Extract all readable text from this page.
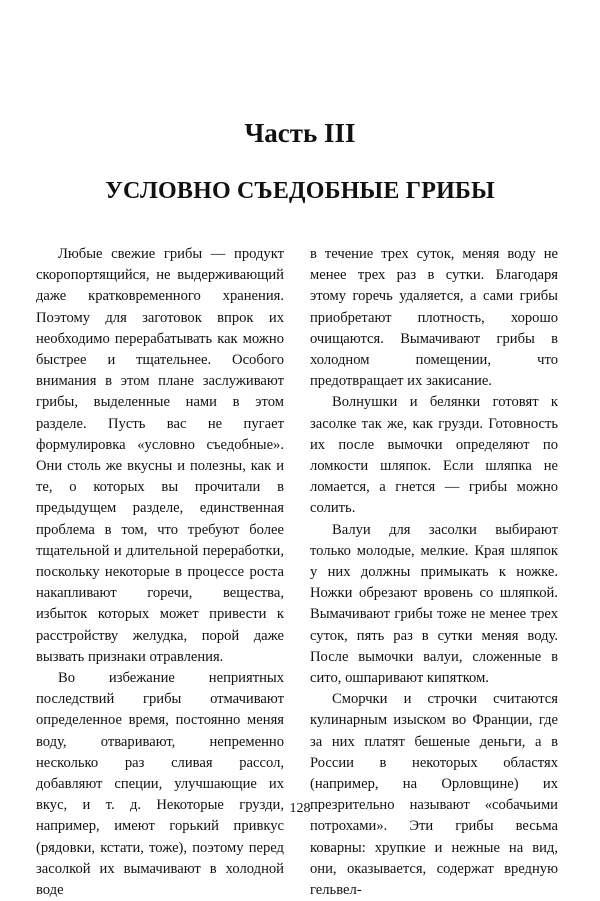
Часть III
УСЛОВНО СЪЕДОБНЫЕ ГРИБЫ

Любые свежие грибы — продукт скоропортящийся, не выдерживающий даже кратковременного хранения. Поэтому для заготовок впрок их необходимо перерабатывать как можно быстрее и тщательнее. Особого внимания в этом плане заслуживают грибы, выделенные нами в этом разделе. Пусть вас не пугает формулировка «условно съедобные». Они столь же вкусны и полезны, как и те, о которых вы прочитали в предыдущем разделе, единственная проблема в том, что требуют более тщательной и длительной переработки, поскольку некоторые в процессе роста накапливают горечи, вещества, избыток которых может привести к расстройству желудка, порой даже вызвать признаки отравления.

Во избежание неприятных последствий грибы отмачивают определенное время, постоянно меняя воду, отваривают, непременно несколько раз сливая рассол, добавляют специи, улучшающие их вкус, и т. д. Некоторые грузди, например, имеют горький привкус (рядовки, кстати, тоже), поэтому перед засолкой их вымачивают в холодной воде

в течение трех суток, меняя воду не менее трех раз в сутки. Благодаря этому горечь удаляется, а сами грибы приобретают плотность, хорошо очищаются. Вымачивают грибы в холодном помещении, что предотвращает их закисание.

Волнушки и белянки готовят к засолке так же, как грузди. Готовность их после вымочки определяют по ломкости шляпок. Если шляпка не ломается, а гнется — грибы можно солить.

Валуи для засолки выбирают только молодые, мелкие. Края шляпок у них должны примыкать к ножке. Ножки обрезают вровень со шляпкой. Вымачивают грибы тоже не менее трех суток, пять раз в сутки меняя воду. После вымочки валуи, сложенные в сито, ошпаривают кипятком.

Сморчки и строчки считаются кулинарным изыском во Франции, где за них платят бешеные деньги, а в России в некоторых областях (например, на Орловщине) их презрительно называют «собачьими потрохами». Эти грибы весьма коварны: хрупкие и нежные на вид, они, оказывается, содержат вредную гельвел-

128
